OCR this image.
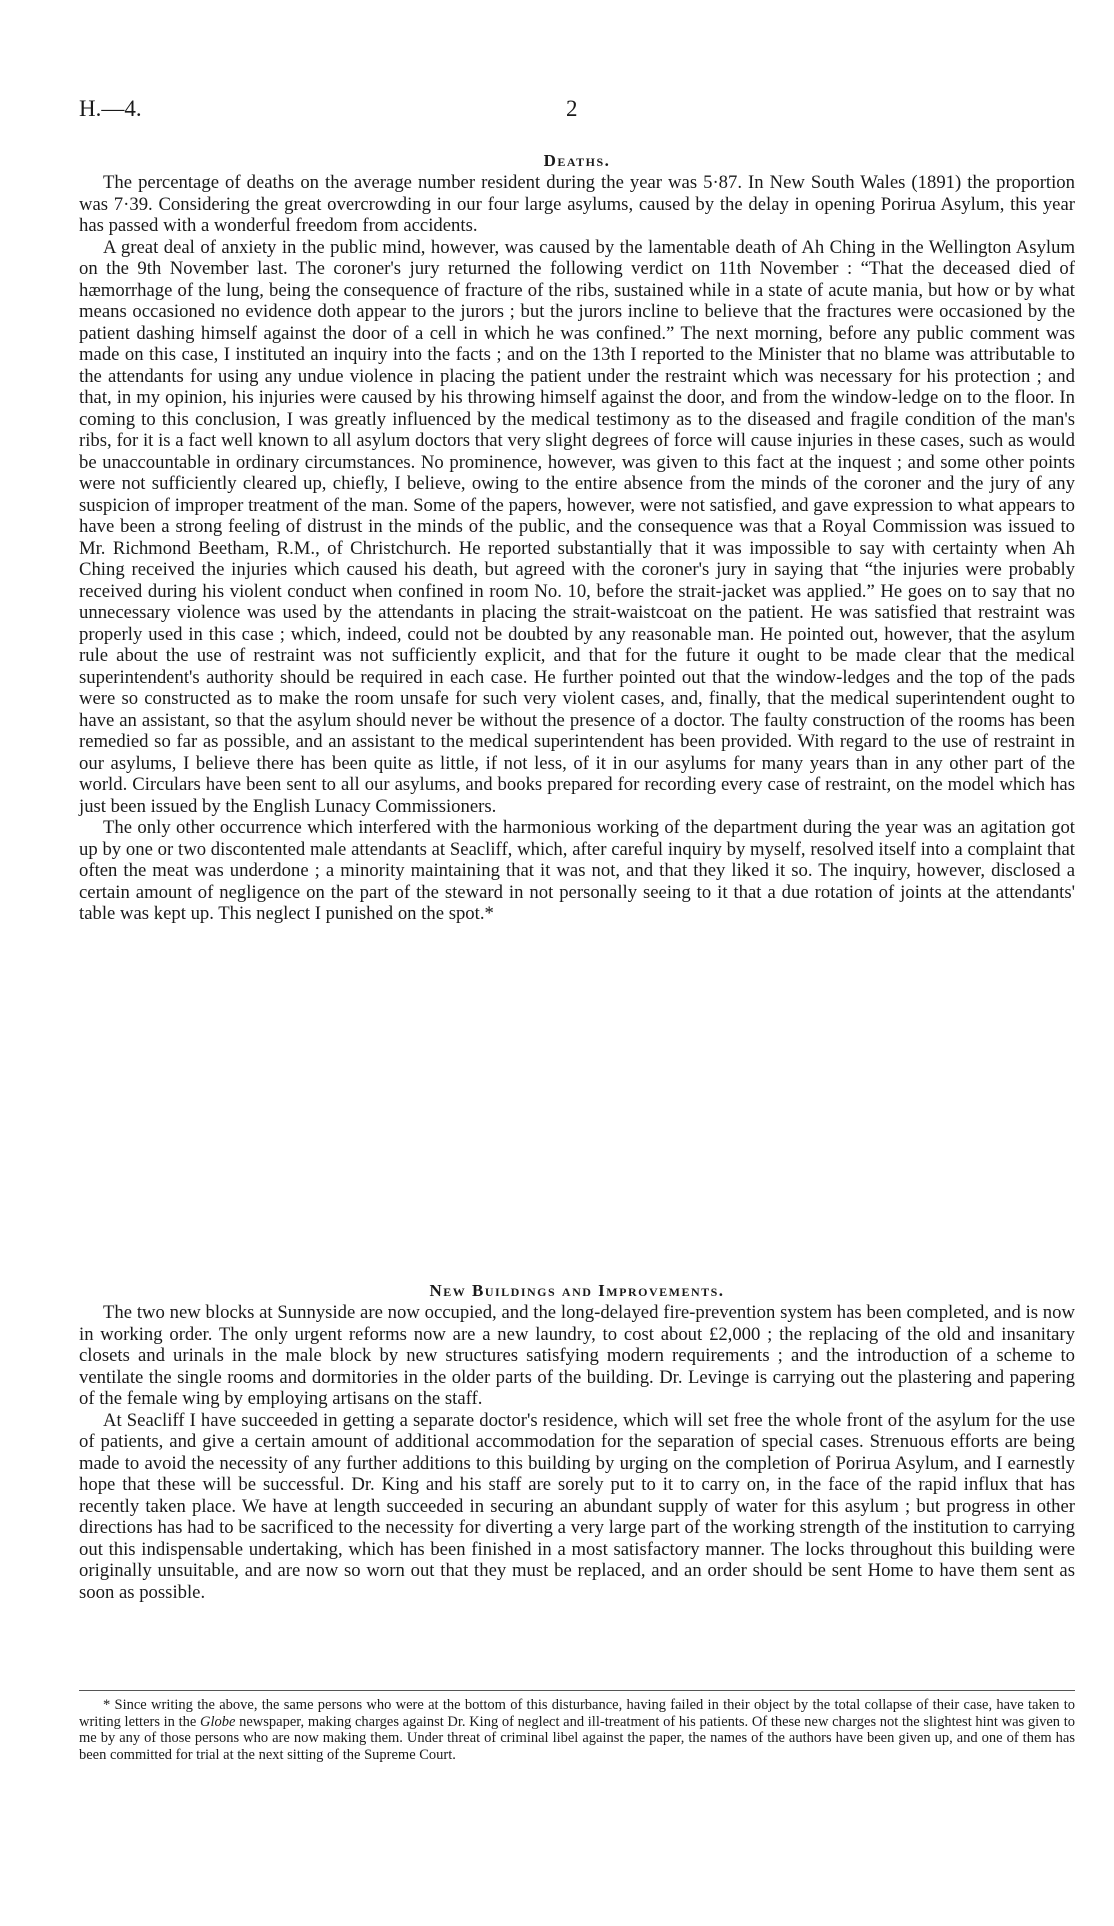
H.—4.	2
Deaths.

The percentage of deaths on the average number resident during the year was 5·87. In New South Wales (1891) the proportion was 7·39. Considering the great overcrowding in our four large asylums, caused by the delay in opening Porirua Asylum, this year has passed with a wonderful freedom from accidents.

A great deal of anxiety in the public mind, however, was caused by the lamentable death of Ah Ching in the Wellington Asylum on the 9th November last. The coroner's jury returned the following verdict on 11th November : “That the deceased died of hæmorrhage of the lung, being the consequence of fracture of the ribs, sustained while in a state of acute mania, but how or by what means occasioned no evidence doth appear to the jurors ; but the jurors incline to believe that the fractures were occasioned by the patient dashing himself against the door of a cell in which he was confined.” The next morning, before any public comment was made on this case, I instituted an inquiry into the facts ; and on the 13th I reported to the Minister that no blame was attributable to the attendants for using any undue violence in placing the patient under the restraint which was necessary for his protection ; and that, in my opinion, his injuries were caused by his throwing himself against the door, and from the window-ledge on to the floor. In coming to this conclusion, I was greatly influenced by the medical testimony as to the diseased and fragile condition of the man's ribs, for it is a fact well known to all asylum doctors that very slight degrees of force will cause injuries in these cases, such as would be unaccountable in ordinary circumstances. No prominence, however, was given to this fact at the inquest ; and some other points were not sufficiently cleared up, chiefly, I believe, owing to the entire absence from the minds of the coroner and the jury of any suspicion of improper treatment of the man. Some of the papers, however, were not satisfied, and gave expression to what appears to have been a strong feeling of distrust in the minds of the public, and the consequence was that a Royal Commission was issued to Mr. Richmond Beetham, R.M., of Christchurch. He reported substantially that it was impossible to say with certainty when Ah Ching received the injuries which caused his death, but agreed with the coroner's jury in saying that “the injuries were probably received during his violent conduct when confined in room No. 10, before the strait-jacket was applied.” He goes on to say that no unnecessary violence was used by the attendants in placing the strait-waistcoat on the patient. He was satisfied that restraint was properly used in this case ; which, indeed, could not be doubted by any reasonable man. He pointed out, however, that the asylum rule about the use of restraint was not sufficiently explicit, and that for the future it ought to be made clear that the medical superintendent's authority should be required in each case. He further pointed out that the window-ledges and the top of the pads were so constructed as to make the room unsafe for such very violent cases, and, finally, that the medical superintendent ought to have an assistant, so that the asylum should never be without the presence of a doctor. The faulty construction of the rooms has been remedied so far as possible, and an assistant to the medical superintendent has been provided. With regard to the use of restraint in our asylums, I believe there has been quite as little, if not less, of it in our asylums for many years than in any other part of the world. Circulars have been sent to all our asylums, and books prepared for recording every case of restraint, on the model which has just been issued by the English Lunacy Commissioners.

The only other occurrence which interfered with the harmonious working of the department during the year was an agitation got up by one or two discontented male attendants at Seacliff, which, after careful inquiry by myself, resolved itself into a complaint that often the meat was underdone ; a minority maintaining that it was not, and that they liked it so. The inquiry, however, disclosed a certain amount of negligence on the part of the steward in not personally seeing to it that a due rotation of joints at the attendants' table was kept up. This neglect I punished on the spot.*

New Buildings and Improvements.

The two new blocks at Sunnyside are now occupied, and the long-delayed fire-prevention system has been completed, and is now in working order. The only urgent reforms now are a new laundry, to cost about £2,000 ; the replacing of the old and insanitary closets and urinals in the male block by new structures satisfying modern requirements ; and the introduction of a scheme to ventilate the single rooms and dormitories in the older parts of the building. Dr. Levinge is carrying out the plastering and papering of the female wing by employing artisans on the staff.

At Seacliff I have succeeded in getting a separate doctor's residence, which will set free the whole front of the asylum for the use of patients, and give a certain amount of additional accommodation for the separation of special cases. Strenuous efforts are being made to avoid the necessity of any further additions to this building by urging on the completion of Porirua Asylum, and I earnestly hope that these will be successful. Dr. King and his staff are sorely put to it to carry on, in the face of the rapid influx that has recently taken place. We have at length succeeded in securing an abundant supply of water for this asylum ; but progress in other directions has had to be sacrificed to the necessity for diverting a very large part of the working strength of the institution to carrying out this indispensable undertaking, which has been finished in a most satisfactory manner. The locks throughout this building were originally unsuitable, and are now so worn out that they must be replaced, and an order should be sent Home to have them sent as soon as possible.

* Since writing the above, the same persons who were at the bottom of this disturbance, having failed in their object by the total collapse of their case, have taken to writing letters in the Globe newspaper, making charges against Dr. King of neglect and ill-treatment of his patients. Of these new charges not the slightest hint was given to me by any of those persons who are now making them. Under threat of criminal libel against the paper, the names of the authors have been given up, and one of them has been committed for trial at the next sitting of the Supreme Court.
